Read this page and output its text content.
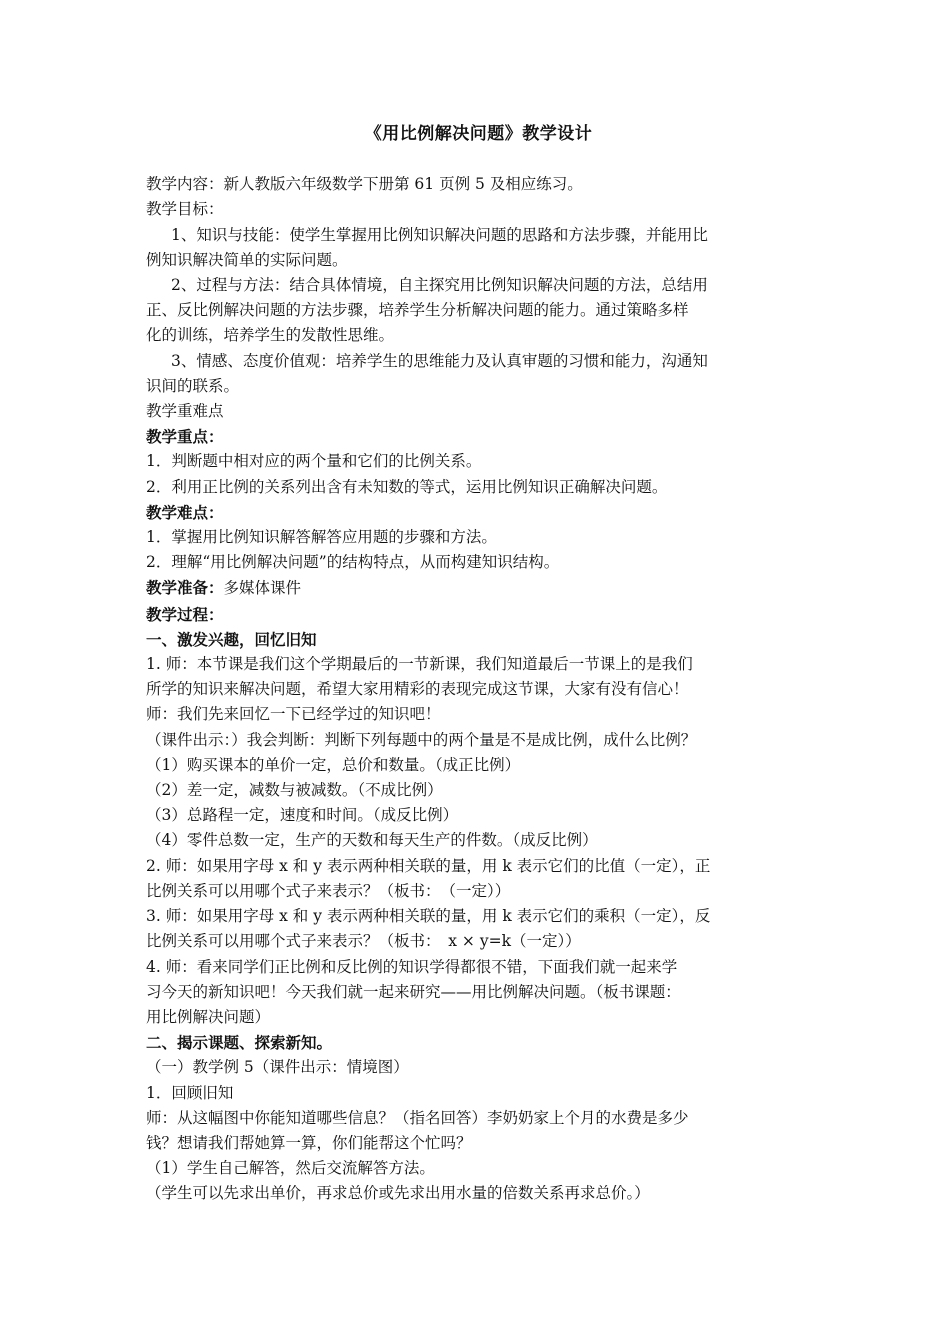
《用比例解决问题》教学设计
教学内容：新人教版六年级数学下册第 61 页例 5 及相应练习。
教学目标：
1、知识与技能：使学生掌握用比例知识解决问题的思路和方法步骤，并能用比
例知识解决简单的实际问题。
2、过程与方法：结合具体情境，自主探究用比例知识解决问题的方法，总结用
正、反比例解决问题的方法步骤，培养学生分析解决问题的能力。通过策略多样
化的训练，培养学生的发散性思维。
3、情感、态度价值观：培养学生的思维能力及认真审题的习惯和能力，沟通知
识间的联系。
教学重难点
教学重点：
1．判断题中相对应的两个量和它们的比例关系。
2．利用正比例的关系列出含有未知数的等式，运用比例知识正确解决问题。
教学难点：
1．掌握用比例知识解答解答应用题的步骤和方法。
2．理解“用比例解决问题”的结构特点，从而构建知识结构。
教学准备：多媒体课件
教学过程：
一、激发兴趣，回忆旧知
1. 师：本节课是我们这个学期最后的一节新课，我们知道最后一节课上的是我们
所学的知识来解决问题，希望大家用精彩的表现完成这节课，大家有没有信心！
师：我们先来回忆一下已经学过的知识吧！
（课件出示：）我会判断：判断下列每题中的两个量是不是成比例，成什么比例？
（1）购买课本的单价一定，总价和数量。（成正比例）
（2）差一定，减数与被减数。（不成比例）
（3）总路程一定，速度和时间。（成反比例）
（4）零件总数一定，生产的天数和每天生产的件数。（成反比例）
2. 师：如果用字母 x 和 y 表示两种相关联的量，用 k 表示它们的比值（一定），正
比例关系可以用哪个式子来表示？（板书：　（一定））
3. 师：如果用字母 x 和 y 表示两种相关联的量，用 k 表示它们的乘积（一定），反
比例关系可以用哪个式子来表示？（板书：　x × y=k（一定））
4. 师：看来同学们正比例和反比例的知识学得都很不错，下面我们就一起来学
习今天的新知识吧！今天我们就一起来研究——用比例解决问题。（板书课题：
用比例解决问题）
二、揭示课题、探索新知。
（一）教学例 5（课件出示：情境图）
1．回顾旧知
师：从这幅图中你能知道哪些信息？（指名回答）李奶奶家上个月的水费是多少
钱？想请我们帮她算一算，你们能帮这个忙吗？
（1）学生自己解答，然后交流解答方法。
（学生可以先求出单价，再求总价或先求出用水量的倍数关系再求总价。）
